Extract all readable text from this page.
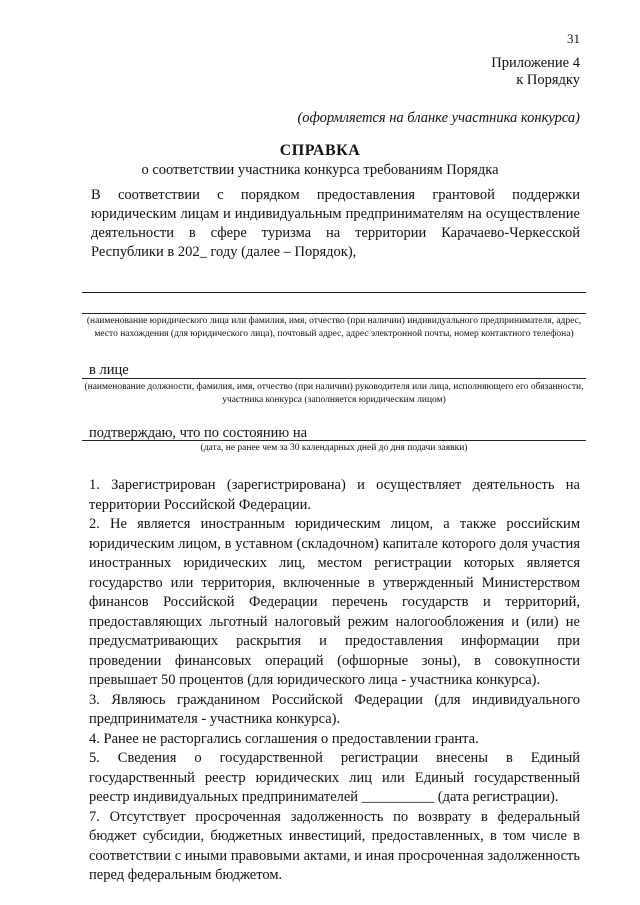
31
Приложение 4
к Порядку
(оформляется на бланке участника конкурса)
СПРАВКА
о соответствии участника конкурса требованиям Порядка
В соответствии с порядком предоставления грантовой поддержки юридическим лицам и индивидуальным предпринимателям на осуществление деятельности в сфере туризма на территории Карачаево-Черкесской Республики в 202_ году (далее – Порядок),
(наименование юридического лица или фамилия, имя, отчество (при наличии) индивидуального предпринимателя, адрес, место нахождения (для юридического лица), почтовый адрес, адрес электронной почты, номер контактного телефона)
в лице
(наименование должности, фамилия, имя, отчество (при наличии) руководителя или лица, исполняющего его обязанности, участника конкурса (заполняется юридическим лицом)
подтверждаю, что по состоянию на
(дата, не ранее чем за 30 календарных дней до дня подачи заявки)
1. Зарегистрирован (зарегистрирована) и осуществляет деятельность на территории Российской Федерации.
2. Не является иностранным юридическим лицом, а также российским юридическим лицом, в уставном (складочном) капитале которого доля участия иностранных юридических лиц, местом регистрации которых является государство или территория, включенные в утвержденный Министерством финансов Российской Федерации перечень государств и территорий, предоставляющих льготный налоговый режим налогообложения и (или) не предусматривающих раскрытия и предоставления информации при проведении финансовых операций (офшорные зоны), в совокупности превышает 50 процентов (для юридического лица - участника конкурса).
3. Являюсь гражданином Российской Федерации (для индивидуального предпринимателя - участника конкурса).
4. Ранее не расторгались соглашения о предоставлении гранта.
5. Сведения о государственной регистрации внесены в Единый государственный реестр юридических лиц или Единый государственный реестр индивидуальных предпринимателей __________ (дата регистрации).
7. Отсутствует просроченная задолженность по возврату в федеральный бюджет субсидии, бюджетных инвестиций, предоставленных, в том числе в соответствии с иными правовыми актами, и иная просроченная задолженность перед федеральным бюджетом.
